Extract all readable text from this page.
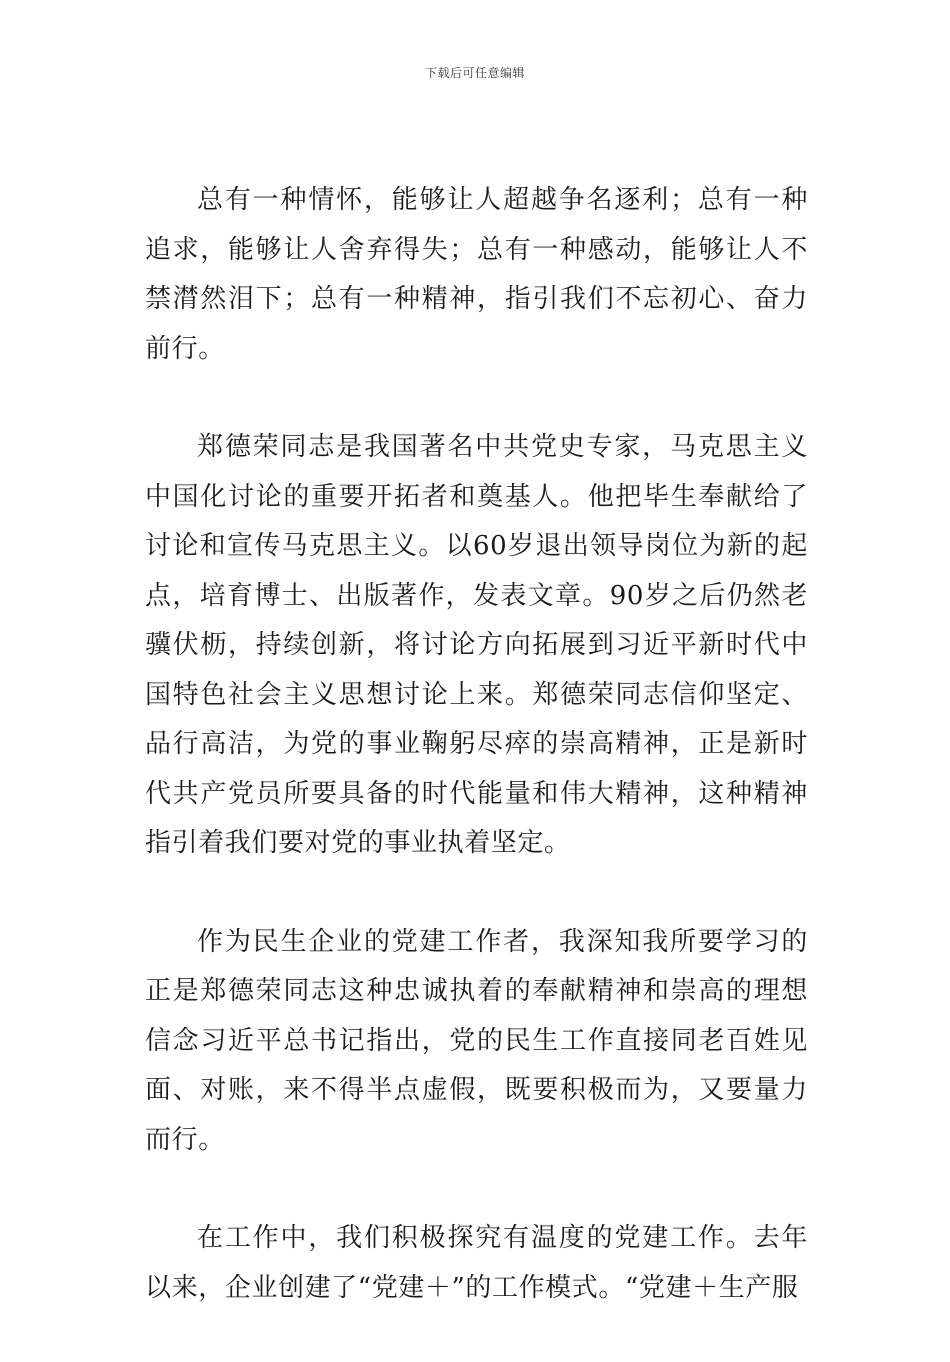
下载后可任意编辑

总有一种情怀，能够让人超越争名逐利；总有一种追求，能够让人舍弃得失；总有一种感动，能够让人不禁潸然泪下；总有一种精神，指引我们不忘初心、奋力前行。

郑德荣同志是我国著名中共党史专家，马克思主义中国化讨论的重要开拓者和奠基人。他把毕生奉献给了讨论和宣传马克思主义。以60岁退出领导岗位为新的起点，培育博士、出版著作，发表文章。90岁之后仍然老骥伏枥，持续创新，将讨论方向拓展到习近平新时代中国特色社会主义思想讨论上来。郑德荣同志信仰坚定、品行高洁，为党的事业鞠躬尽瘁的崇高精神，正是新时代共产党员所要具备的时代能量和伟大精神，这种精神指引着我们要对党的事业执着坚定。

作为民生企业的党建工作者，我深知我所要学习的正是郑德荣同志这种忠诚执着的奉献精神和崇高的理想信念习近平总书记指出，党的民生工作直接同老百姓见面、对账，来不得半点虚假，既要积极而为，又要量力而行。

在工作中，我们积极探究有温度的党建工作。去年以来，企业创建了“党建＋”的工作模式。“党建＋生产服
